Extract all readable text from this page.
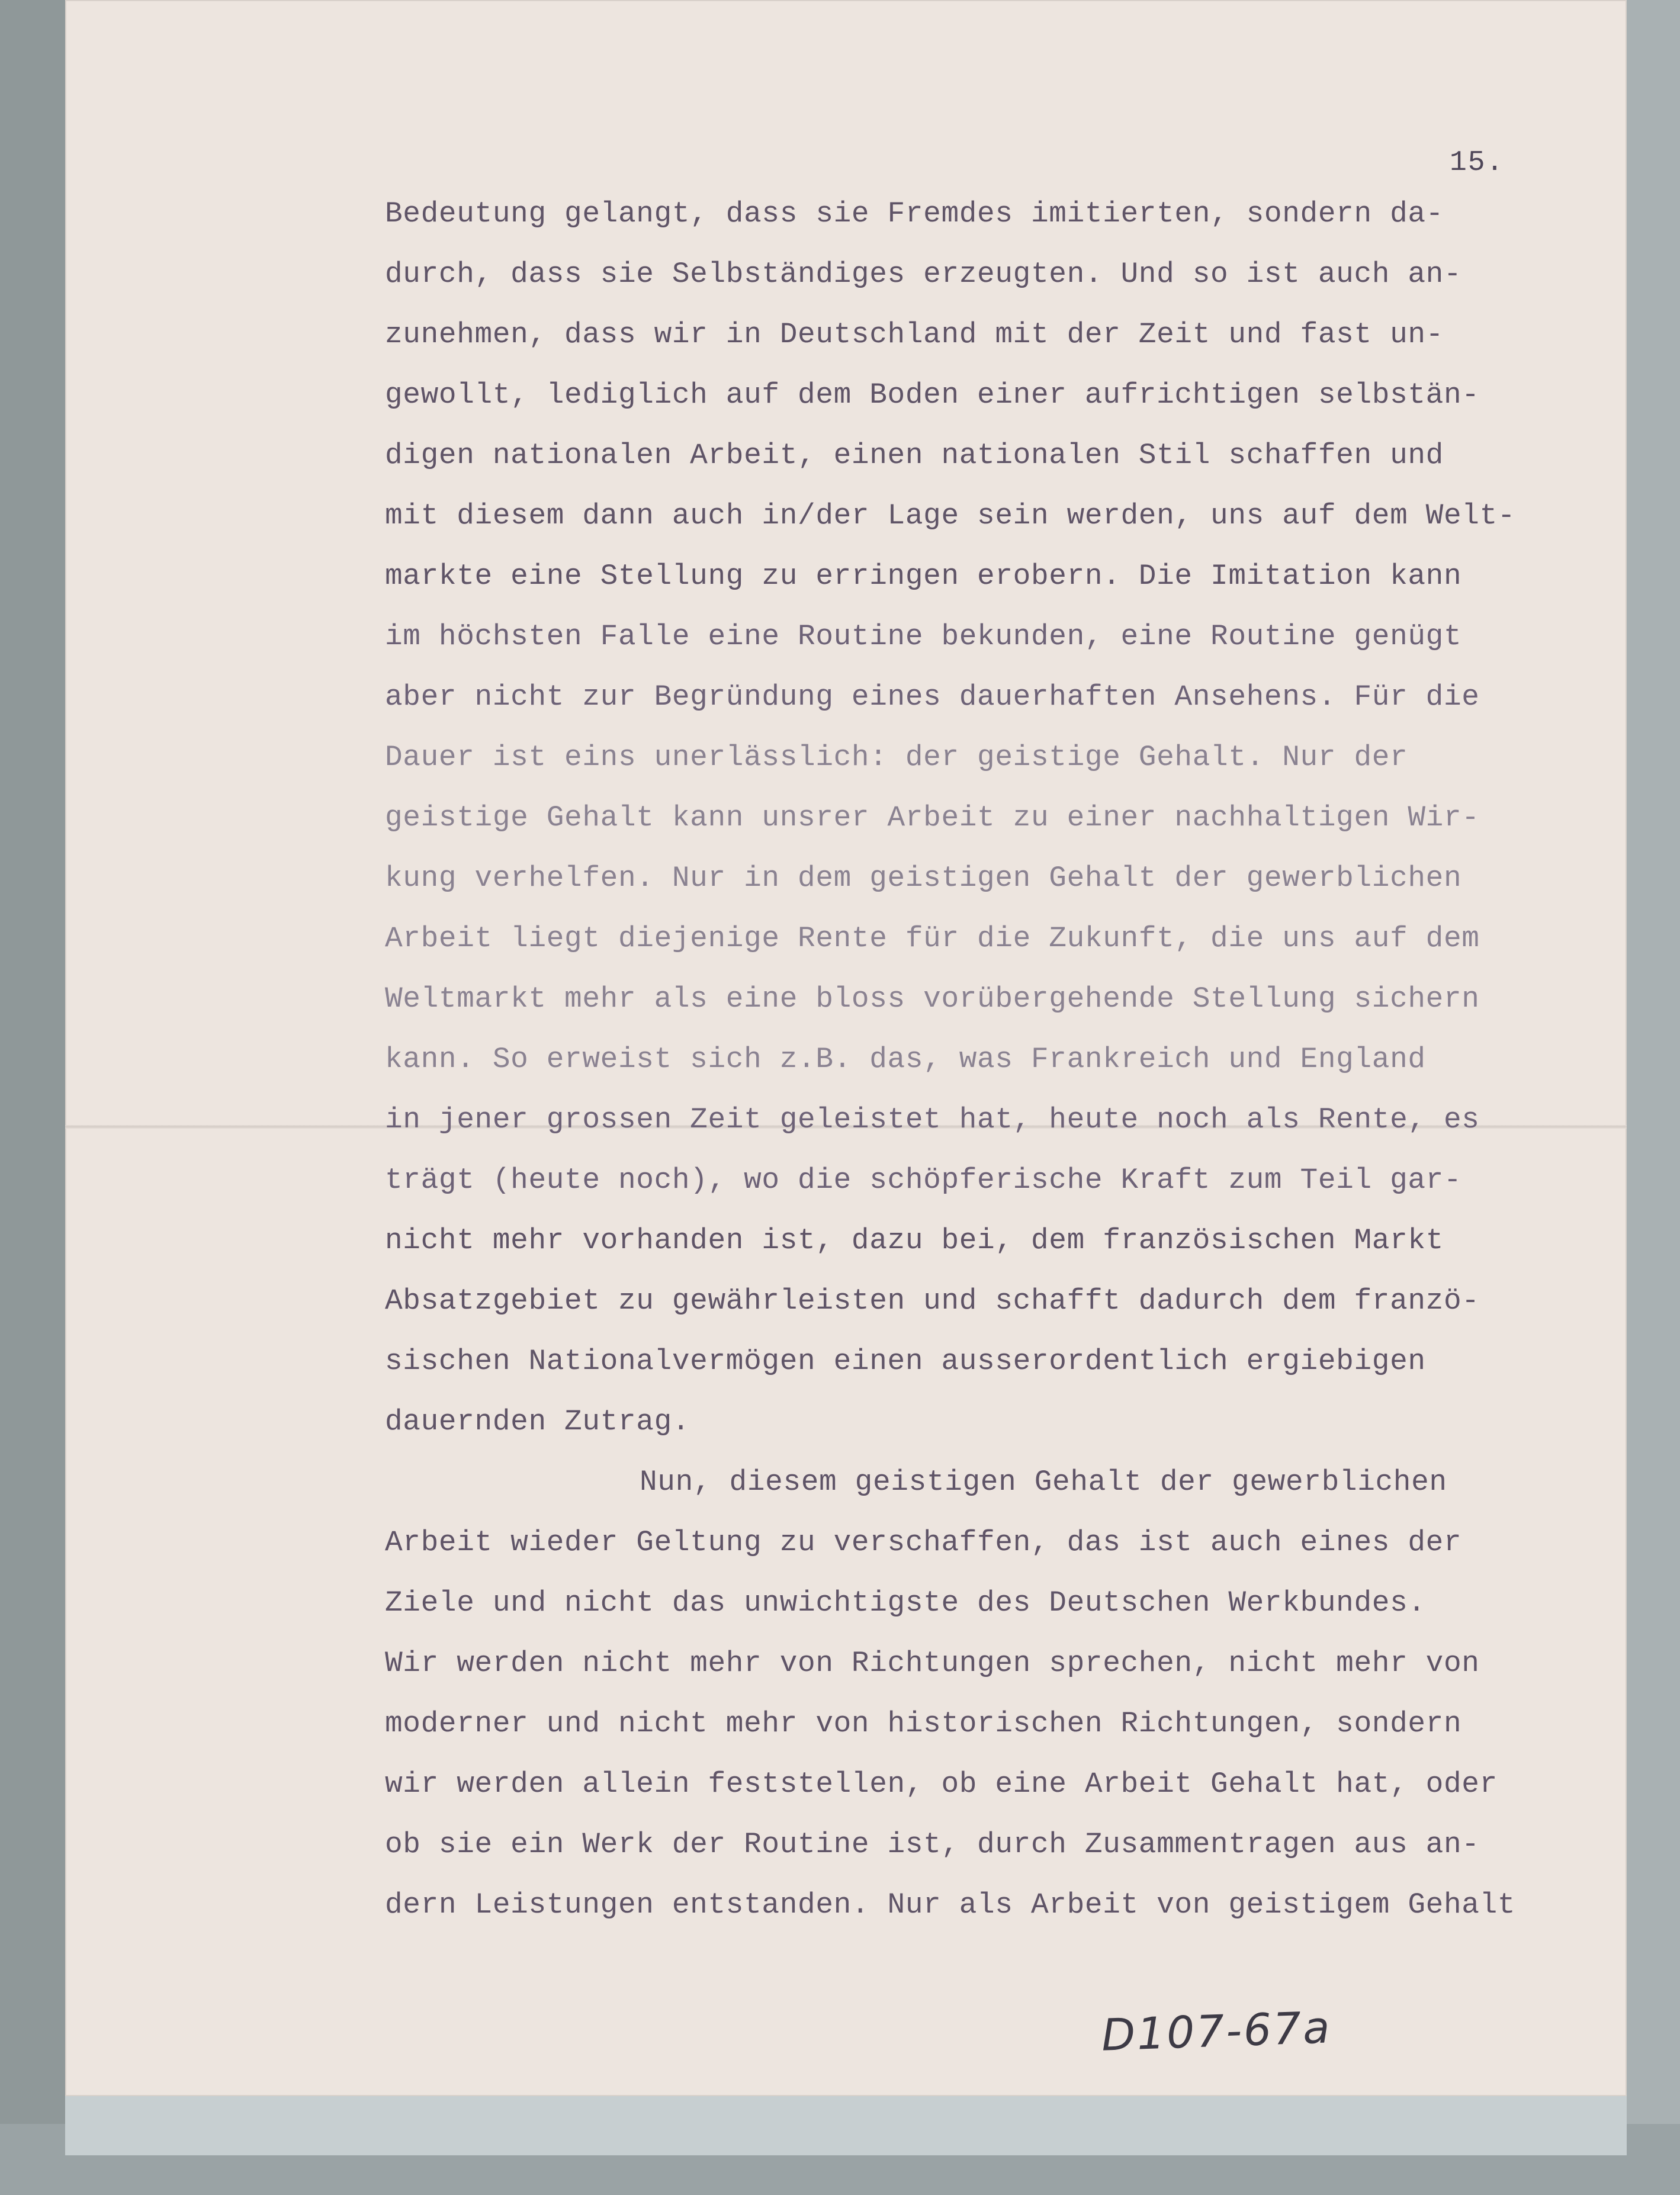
15.
Bedeutung gelangt, dass sie Fremdes imitierten, sondern da-
durch, dass sie Selbständiges erzeugten. Und so ist auch an-
zunehmen, dass wir in Deutschland mit der Zeit und fast un-
gewollt, lediglich auf dem Boden einer aufrichtigen selbstän-
digen nationalen Arbeit, einen nationalen Stil schaffen und
mit diesem dann auch in/der Lage sein werden, uns auf dem Welt-
markte eine Stellung zu erringen erobern. Die Imitation kann
im höchsten Falle eine Routine bekunden, eine Routine genügt
aber nicht zur Begründung eines dauerhaften Ansehens. Für die
Dauer ist eins unerlässlich: der geistige Gehalt. Nur der
geistige Gehalt kann unsrer Arbeit zu einer nachhaltigen Wir-
kung verhelfen. Nur in dem geistigen Gehalt der gewerblichen
Arbeit liegt diejenige Rente für die Zukunft, die uns auf dem
Weltmarkt mehr als eine bloss vorübergehende Stellung sichern
kann. So erweist sich z.B. das, was Frankreich und England
in jener grossen Zeit geleistet hat, heute noch als Rente, es
trägt (heute noch), wo die schöpferische Kraft zum Teil gar-
nicht mehr vorhanden ist, dazu bei, dem französischen Markt
Absatzgebiet zu gewährleisten und schafft dadurch dem franzö-
sischen Nationalvermögen einen ausserordentlich ergiebigen
dauernden Zutrag.
Nun, diesem geistigen Gehalt der gewerblichen
Arbeit wieder Geltung zu verschaffen, das ist auch eines der
Ziele und nicht das unwichtigste des Deutschen Werkbundes.
Wir werden nicht mehr von Richtungen sprechen, nicht mehr von
moderner und nicht mehr von historischen Richtungen, sondern
wir werden allein feststellen, ob eine Arbeit Gehalt hat, oder
ob sie ein Werk der Routine ist, durch Zusammentragen aus an-
dern Leistungen entstanden. Nur als Arbeit von geistigem Gehalt
D107-67a
